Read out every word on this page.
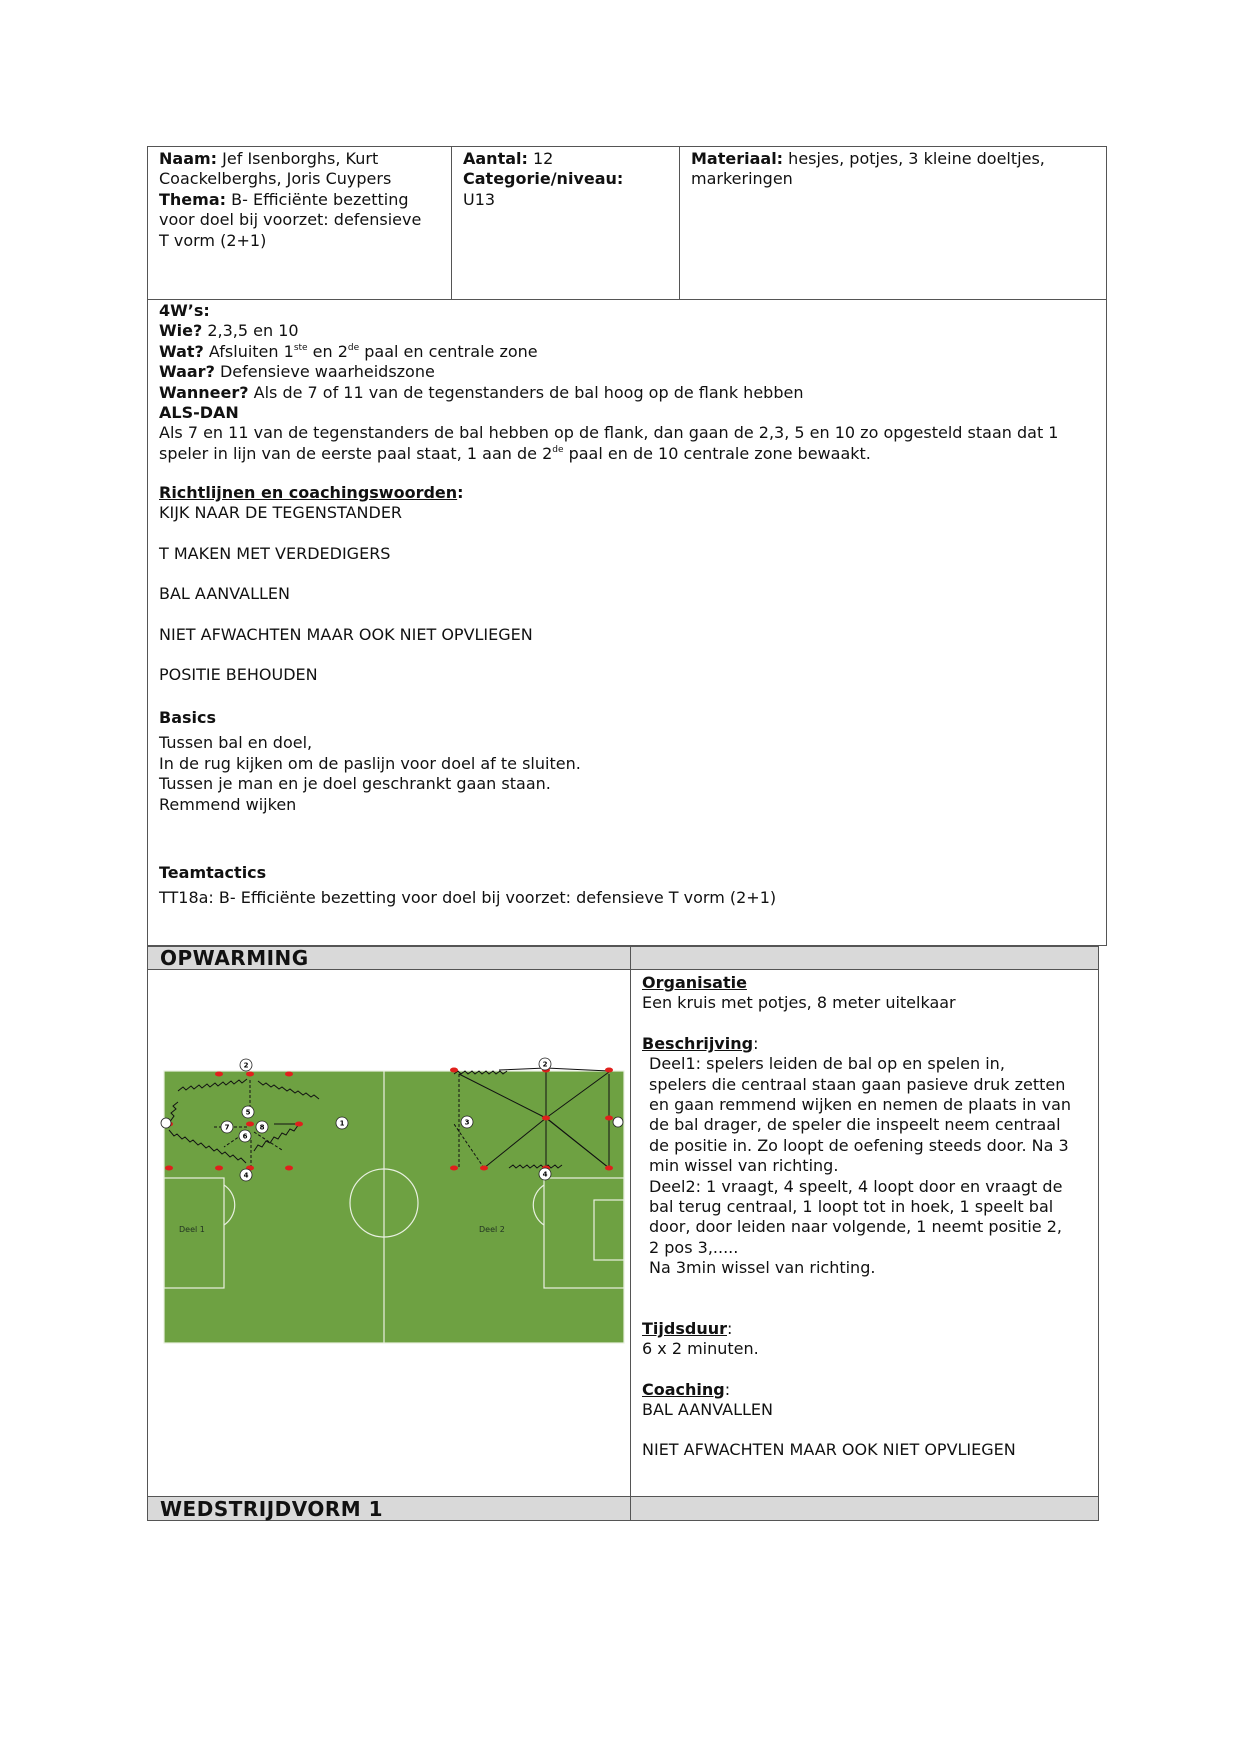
Naam: Jef Isenborghs, Kurt

Coackelberghs, Joris Cuypers

Thema: B- Efficiënte bezetting

voor doel bij voorzet: defensieve

T vorm (2+1)

Aantal: 12

Categorie/niveau:

U13

Materiaal: hesjes, potjes, 3 kleine doeltjes,

markeringen

4W’s:

Wie? 2,3,5 en 10

Wat? Afsluiten 1ste en 2de paal en centrale zone

Waar? Defensieve waarheidszone

Wanneer? Als de 7 of 11 van de tegenstanders de bal hoog op de flank hebben

ALS-DAN

Als 7 en 11 van de tegenstanders de bal hebben op de flank, dan gaan de 2,3, 5 en 10 zo opgesteld staan dat 1

speler in lijn van de eerste paal staat, 1 aan de 2de paal en de 10 centrale zone bewaakt.

Richtlijnen en coachingswoorden:

KIJK NAAR DE TEGENSTANDER

T MAKEN MET VERDEDIGERS

BAL AANVALLEN

NIET AFWACHTEN MAAR OOK NIET OPVLIEGEN

POSITIE BEHOUDEN

Basics

Tussen bal en doel,

In de rug kijken om de paslijn voor doel af te sluiten.

Tussen je man en je doel geschrankt gaan staan.

Remmend wijken

Teamtactics

TT18a: B- Efficiënte bezetting voor doel bij voorzet: defensieve T vorm (2+1)

OPWARMING
Deel 1	Deel 2
2
5
7	8
6
1
4
2
3
4

Organisatie

Een kruis met potjes, 8 meter uitelkaar

Beschrijving:

Deel1: spelers leiden de bal op en spelen in,

spelers die centraal staan gaan pasieve druk zetten

en gaan remmend wijken en nemen de plaats in van

de bal drager, de speler die inspeelt neem centraal

de positie in. Zo loopt de oefening steeds door. Na 3

min wissel van richting.

Deel2: 1 vraagt, 4 speelt, 4 loopt door en vraagt de

bal terug centraal, 1 loopt tot in hoek, 1 speelt bal

door, door leiden naar volgende, 1 neemt positie 2,

2 pos 3,.....

Na 3min wissel van richting.

Tijdsduur:

6 x 2 minuten.

Coaching:

BAL AANVALLEN

NIET AFWACHTEN MAAR OOK NIET OPVLIEGEN

WEDSTRIJDVORM 1
